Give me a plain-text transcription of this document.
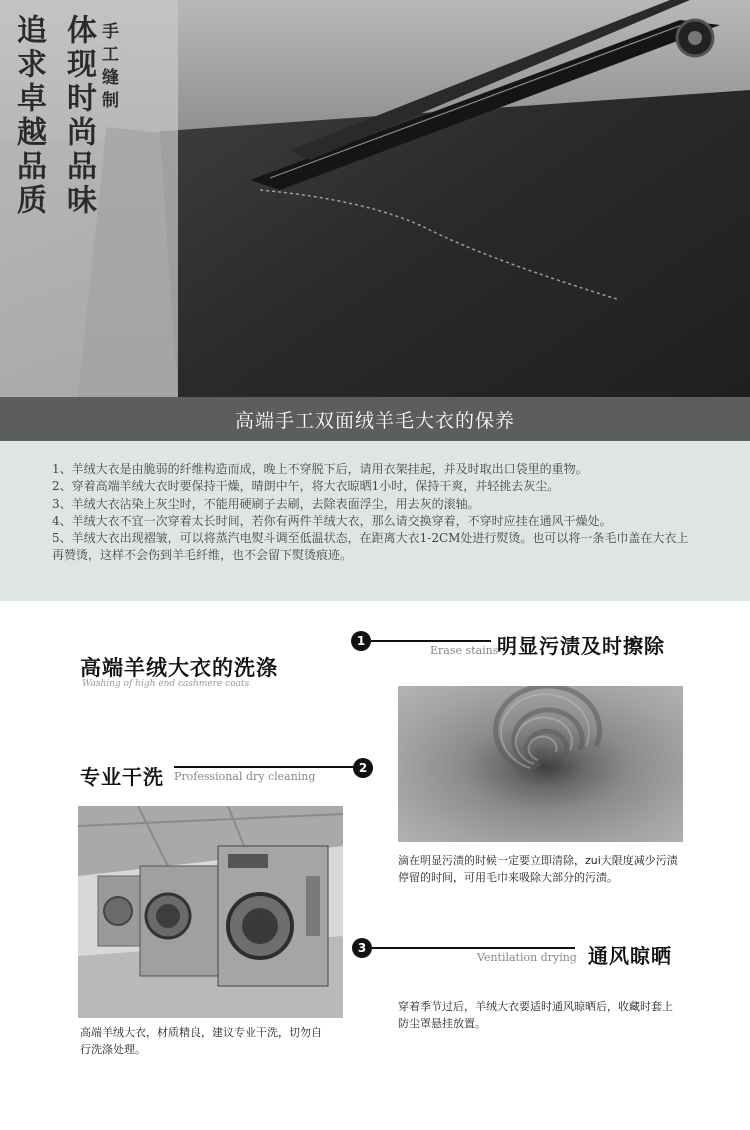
体现时尚品味
追求卓越品质	手工缝制
高端手工双面绒羊毛大衣的保养

1、羊绒大衣是由脆弱的纤维构造而成，晚上不穿脱下后，请用衣架挂起，并及时取出口袋里的重物。

2、穿着高端羊绒大衣时要保持干燥，晴朗中午，将大衣晾晒1小时，保持干爽，并轻挑去灰尘。

3、羊绒大衣沾染上灰尘时，不能用硬刷子去刷，去除表面浮尘，用去灰的滚轴。

4、羊绒大衣不宜一次穿着太长时间，若你有两件羊绒大衣，那么请交换穿着，不穿时应挂在通风干燥处。

5、羊绒大衣出现褶皱，可以将蒸汽电熨斗调至低温状态，在距离大衣1-2CM处进行熨烫。也可以将一条毛巾盖在大衣上再赞烫，这样不会伤到羊毛纤维，也不会留下熨烫痕迹。

高端羊绒大衣的洗涤
Washing of high end cashmere coats
1
Erase stains
明显污渍及时擦除
滴在明显污渍的时候一定要立即清除，zui大限度减少污渍停留的时间，可用毛巾来吸除大部分的污渍。
专业干洗 Professional dry cleaning
2
高端羊绒大衣，材质精良，建议专业干洗，切勿自行洗涤处理。
3
Ventilation drying 通风晾晒
穿着季节过后，羊绒大衣要适时通风晾晒后，收藏时套上防尘罩悬挂放置。
